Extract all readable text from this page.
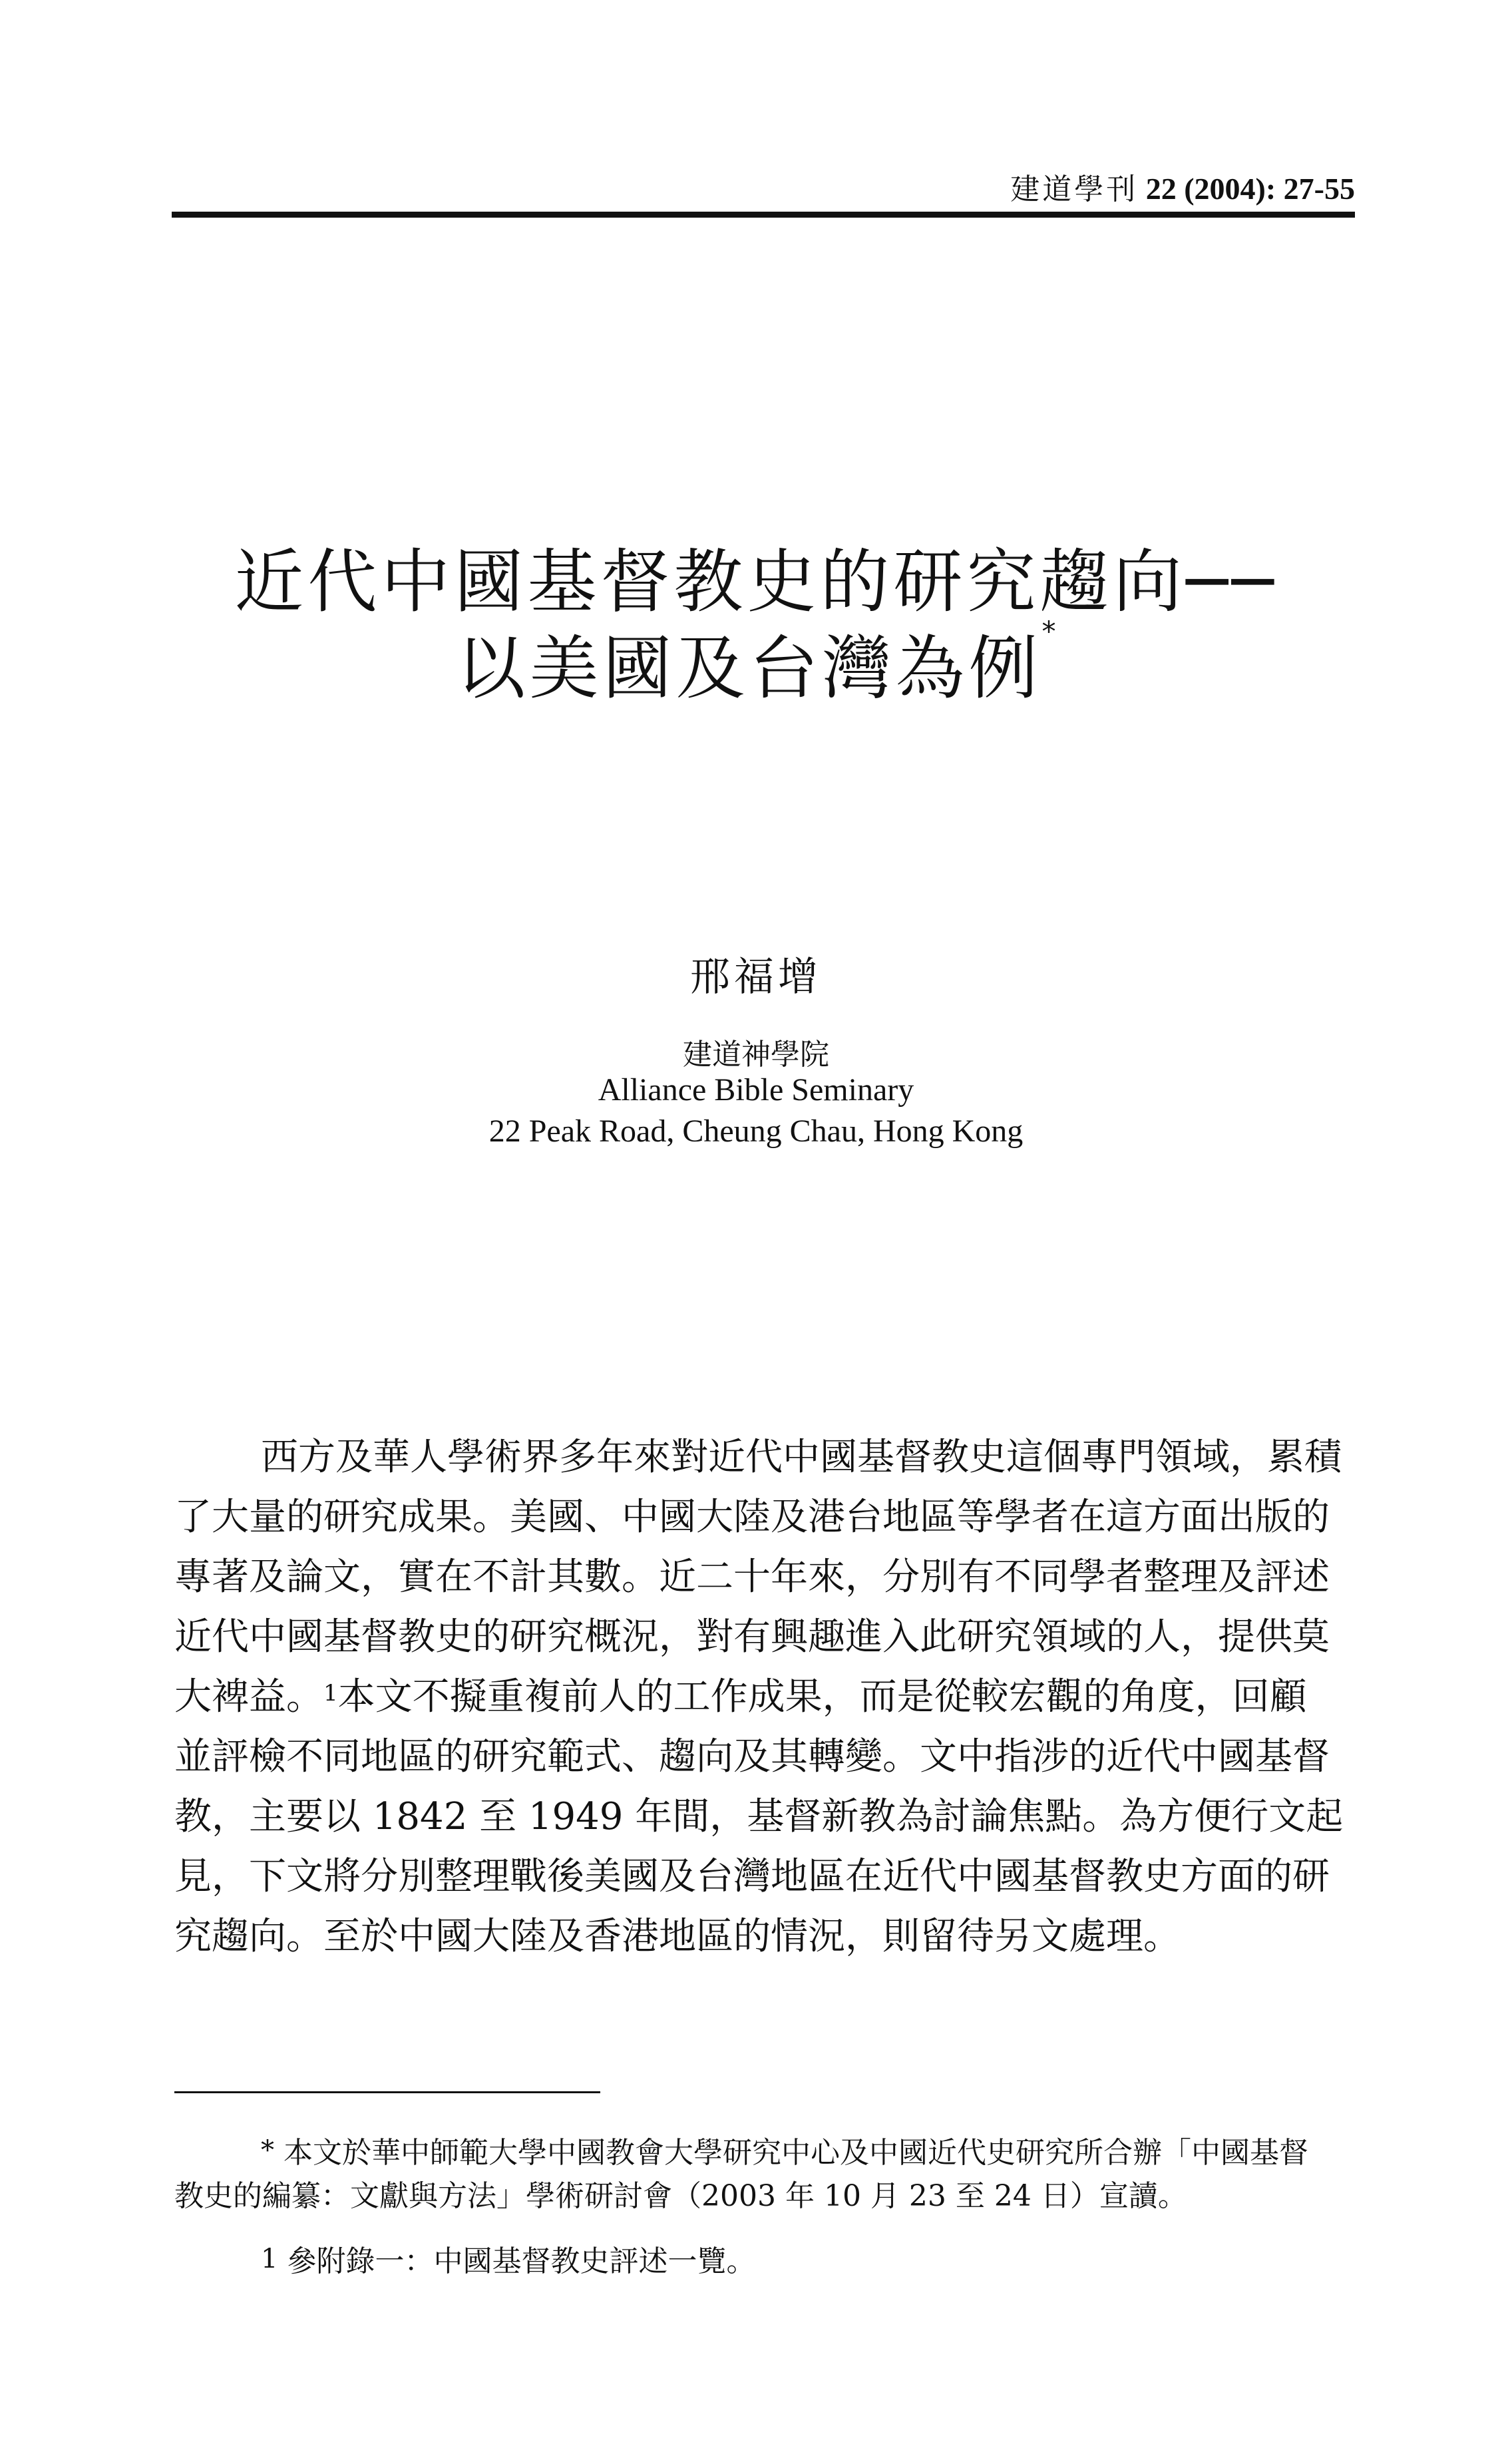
建道學刊 22 (2004): 27-55
近代中國基督教史的研究趨向──
以美國及台灣為例*
邢福增
建道神學院
Alliance Bible Seminary
22 Peak Road, Cheung Chau, Hong Kong
西方及華人學術界多年來對近代中國基督教史這個專門領域，累積
了大量的研究成果。美國、中國大陸及港台地區等學者在這方面出版的
專著及論文，實在不計其數。近二十年來，分別有不同學者整理及評述
近代中國基督教史的研究概況，對有興趣進入此研究領域的人，提供莫
大裨益。$^1$本文不擬重複前人的工作成果，而是從較宏觀的角度，回顧
並評檢不同地區的研究範式、趨向及其轉變。文中指涉的近代中國基督
教，主要以 1842 至 1949 年間，基督新教為討論焦點。為方便行文起
見，下文將分別整理戰後美國及台灣地區在近代中國基督教史方面的研
究趨向。至於中國大陸及香港地區的情況，則留待另文處理。
* 本文於華中師範大學中國教會大學研究中心及中國近代史研究所合辦「中國基督
教史的編纂：文獻與方法」學術研討會（2003 年 10 月 23 至 24 日）宣讀。
1 參附錄一：中國基督教史評述一覽。
